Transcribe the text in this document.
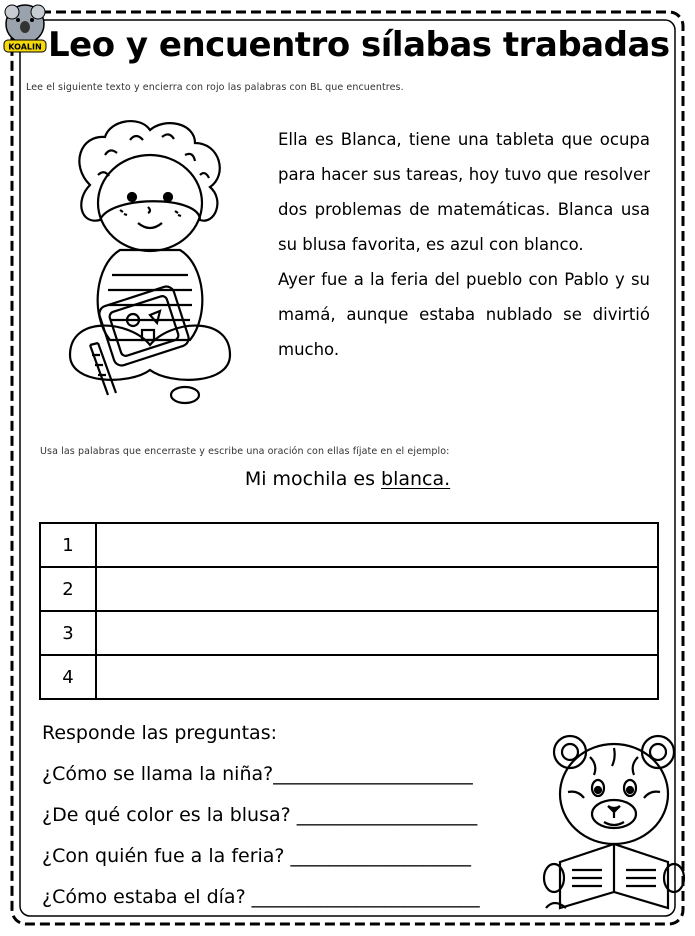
KOALIN Leo y encuentro sílabas trabadas
Lee el siguiente texto y encierra con rojo las palabras con BL que encuentres.

Ella es Blanca, tiene una tableta que ocupa para hacer sus tareas, hoy tuvo que resolver dos problemas de matemáticas. Blanca usa su blusa favorita, es azul con blanco.

Ayer fue a la feria del pueblo con Pablo y su mamá, aunque estaba nublado se divirtió mucho.

Usa las palabras que encerraste y escribe una oración con ellas fíjate en el ejemplo:
Mi mochila es blanca.
1	
2	
3	
4	
Responde las preguntas:
¿Cómo se llama la niña?_____________________
¿De qué color es la blusa? ___________________
¿Con quién fue a la feria? ___________________
¿Cómo estaba el día? ________________________
